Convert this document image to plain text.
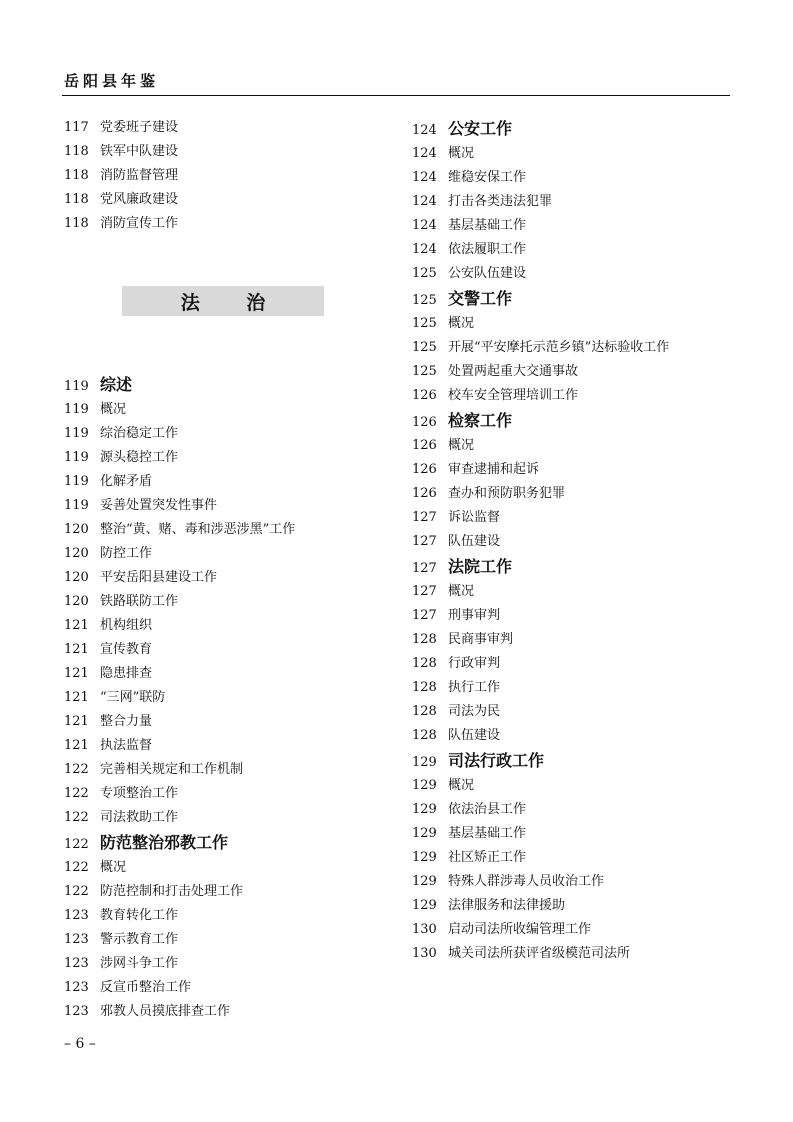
岳阳县年鉴
117 党委班子建设
118 铁军中队建设
118 消防监督管理
118 党风廉政建设
118 消防宣传工作
法 治
119 综述
119 概况
119 综治稳定工作
119 源头稳控工作
119 化解矛盾
119 妥善处置突发性事件
120 整治“黄、赌、毒和涉恶涉黑”工作
120 防控工作
120 平安岳阳县建设工作
120 铁路联防工作
121 机构组织
121 宣传教育
121 隐患排查
121 “三网”联防
121 整合力量
121 执法监督
122 完善相关规定和工作机制
122 专项整治工作
122 司法救助工作
122 防范整治邪教工作
122 概况
122 防范控制和打击处理工作
123 教育转化工作
123 警示教育工作
123 涉网斗争工作
123 反宣币整治工作
123 邪教人员摸底排查工作
124 公安工作
124 概况
124 维稳安保工作
124 打击各类违法犯罪
124 基层基础工作
124 依法履职工作
125 公安队伍建设
125 交警工作
125 概况
125 开展“平安摩托示范乡镇”达标验收工作
125 处置两起重大交通事故
126 校车安全管理培训工作
126 检察工作
126 概况
126 审查逮捕和起诉
126 查办和预防职务犯罪
127 诉讼监督
127 队伍建设
127 法院工作
127 概况
127 刑事审判
128 民商事审判
128 行政审判
128 执行工作
128 司法为民
128 队伍建设
129 司法行政工作
129 概况
129 依法治县工作
129 基层基础工作
129 社区矫正工作
129 特殊人群涉毒人员收治工作
129 法律服务和法律援助
130 启动司法所收编管理工作
130 城关司法所获评省级模范司法所
– 6 –
